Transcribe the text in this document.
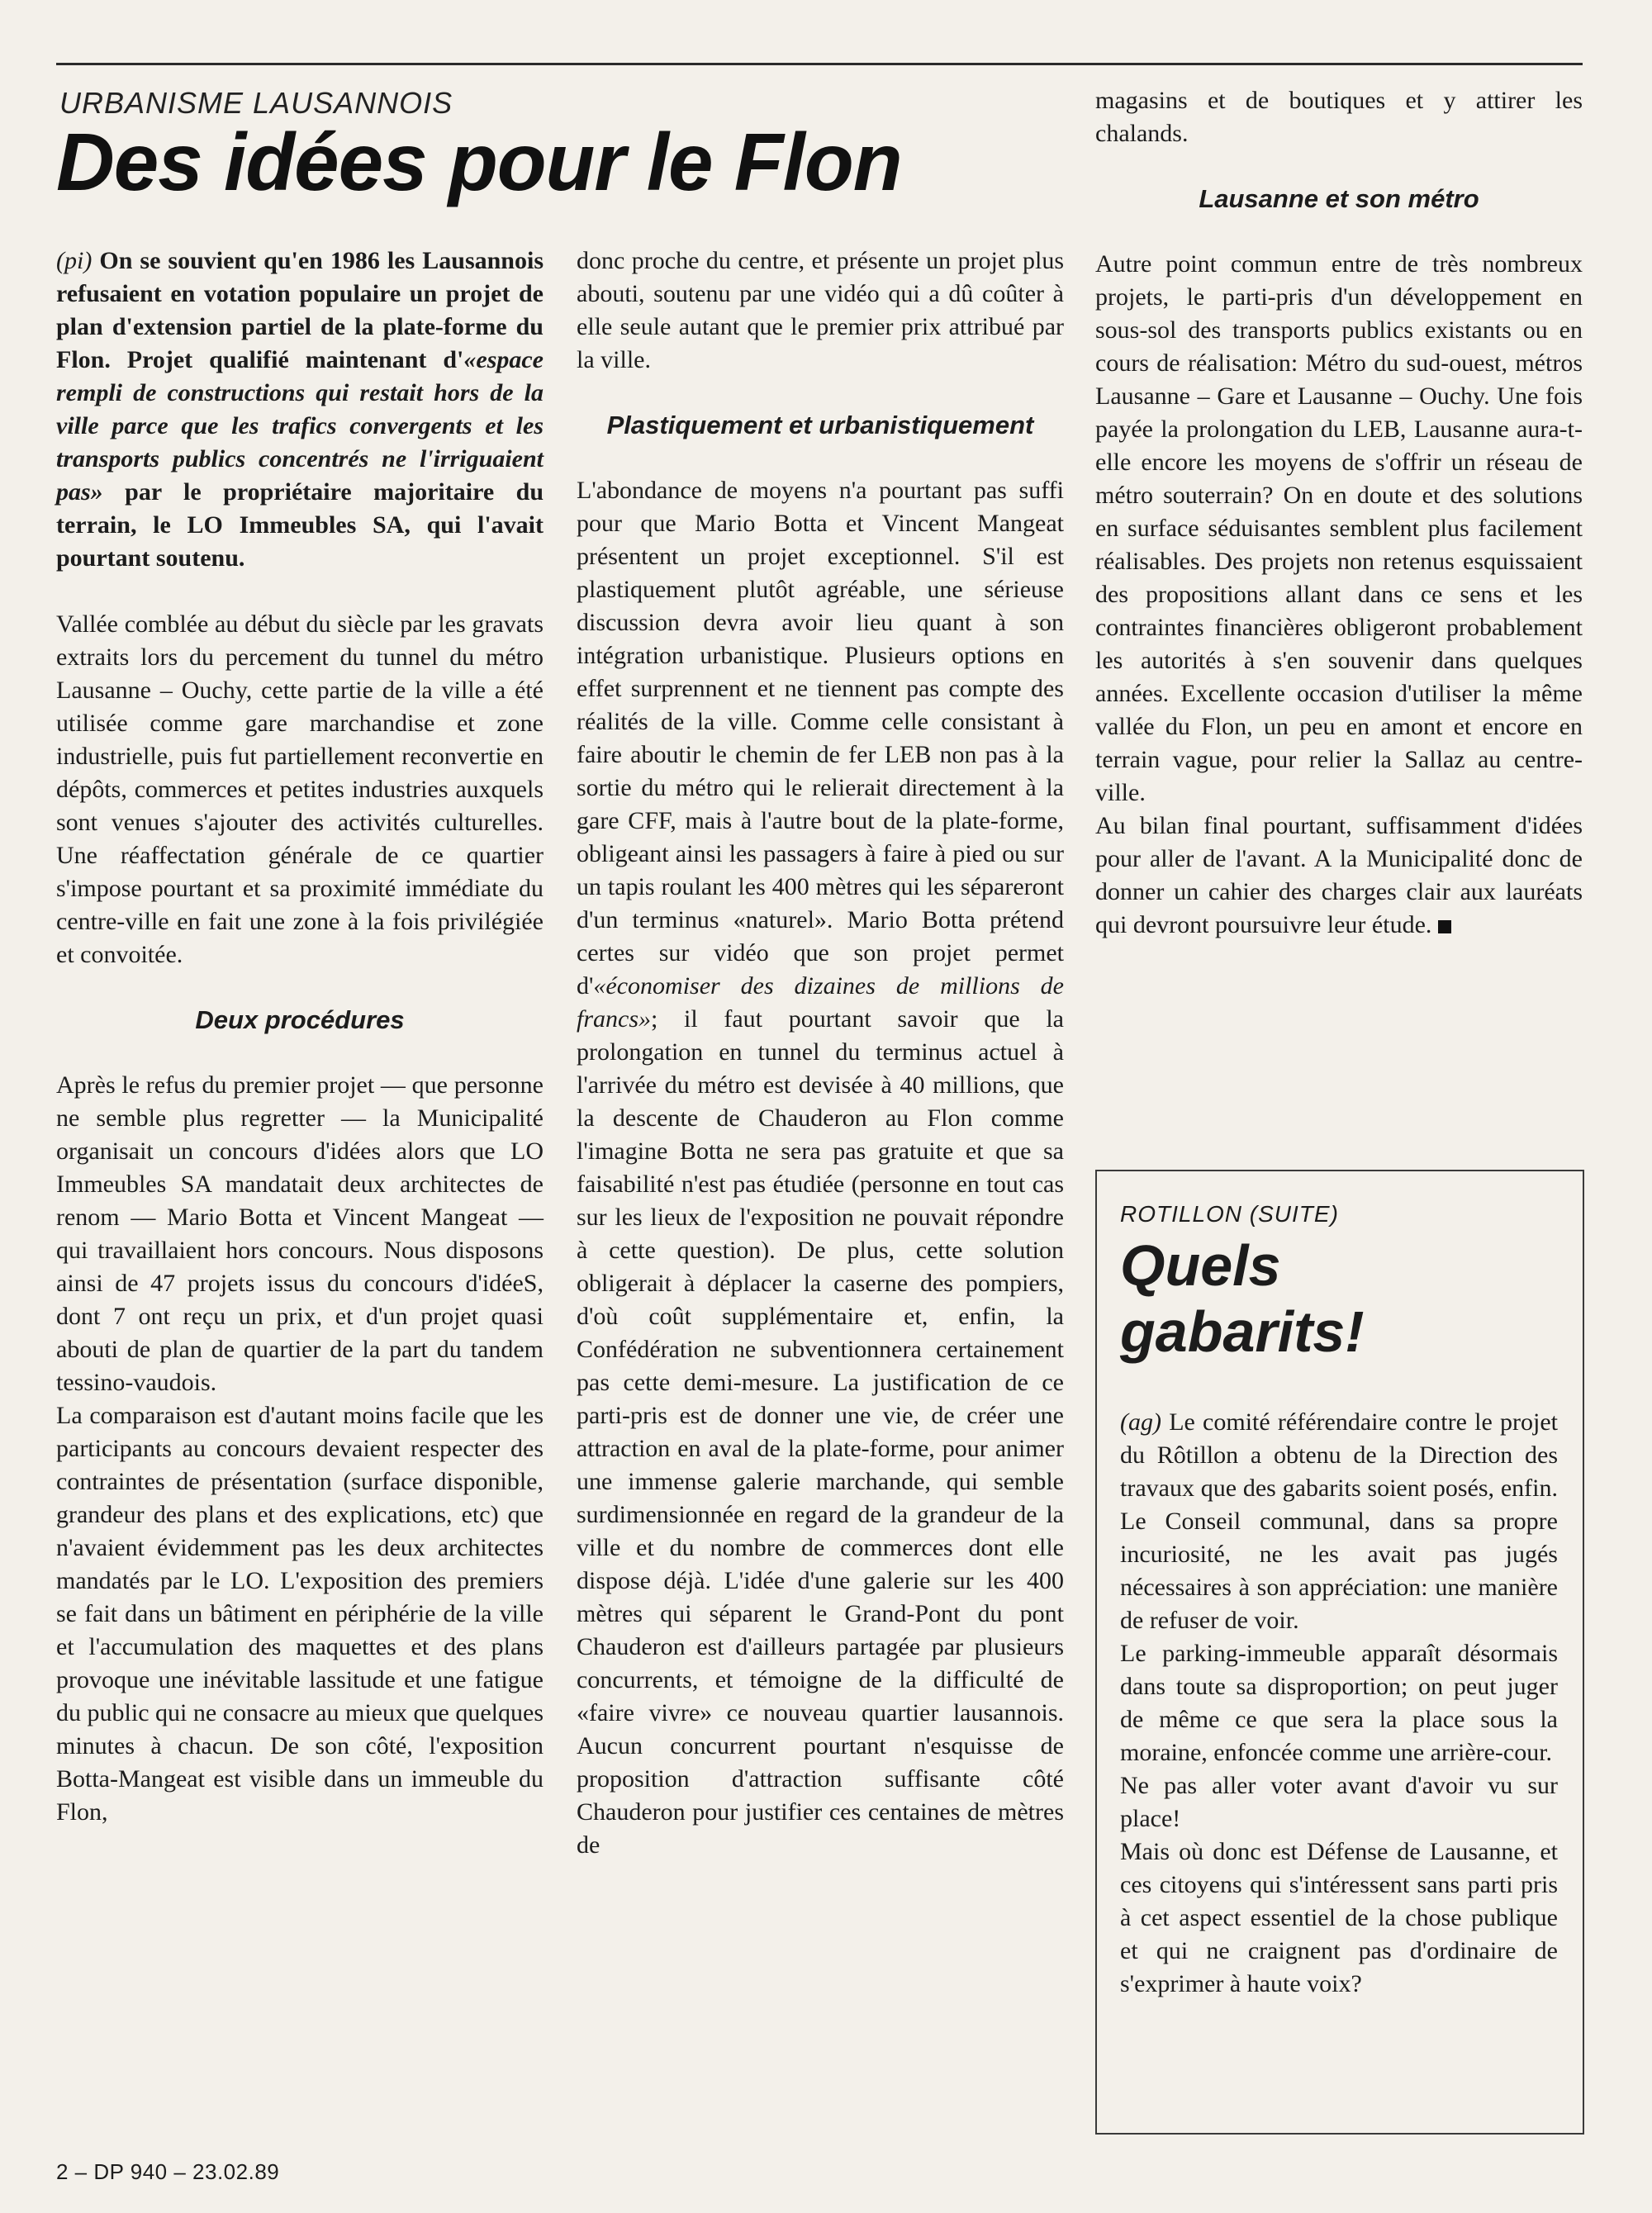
URBANISME LAUSANNOIS
Des idées pour le Flon

(pi) On se souvient qu'en 1986 les Lausannois refusaient en votation populaire un projet de plan d'extension partiel de la plate-forme du Flon. Projet qualifié maintenant d'«espace rempli de constructions qui restait hors de la ville parce que les trafics convergents et les transports publics concentrés ne l'irriguaient pas» par le propriétaire majoritaire du terrain, le LO Immeubles SA, qui l'avait pourtant soutenu.

Vallée comblée au début du siècle par les gravats extraits lors du percement du tunnel du métro Lausanne – Ouchy, cette partie de la ville a été utilisée comme gare marchandise et zone industrielle, puis fut partiellement reconvertie en dépôts, commerces et petites industries auxquels sont venues s'ajouter des activités culturelles. Une réaffectation générale de ce quartier s'impose pourtant et sa proximité immédiate du centre-ville en fait une zone à la fois privilégiée et convoitée.

Deux procédures

Après le refus du premier projet — que personne ne semble plus regretter — la Municipalité organisait un concours d'idées alors que LO Immeubles SA mandatait deux architectes de renom — Mario Botta et Vincent Mangeat — qui travaillaient hors concours. Nous disposons ainsi de 47 projets issus du concours d'idéeS, dont 7 ont reçu un prix, et d'un projet quasi abouti de plan de quartier de la part du tandem tessino-vaudois.

La comparaison est d'autant moins facile que les participants au concours devaient respecter des contraintes de présentation (surface disponible, grandeur des plans et des explications, etc) que n'avaient évidemment pas les deux architectes mandatés par le LO. L'exposition des premiers se fait dans un bâtiment en périphérie de la ville et l'accumulation des maquettes et des plans provoque une inévitable lassitude et une fatigue du public qui ne consacre au mieux que quelques minutes à chacun. De son côté, l'exposition Botta-Mangeat est visible dans un immeuble du Flon,

donc proche du centre, et présente un projet plus abouti, soutenu par une vidéo qui a dû coûter à elle seule autant que le premier prix attribué par la ville.

Plastiquement et urbanistiquement

L'abondance de moyens n'a pourtant pas suffi pour que Mario Botta et Vincent Mangeat présentent un projet exceptionnel. S'il est plastiquement plutôt agréable, une sérieuse discussion devra avoir lieu quant à son intégration urbanistique. Plusieurs options en effet surprennent et ne tiennent pas compte des réalités de la ville. Comme celle consistant à faire aboutir le chemin de fer LEB non pas à la sortie du métro qui le relierait directement à la gare CFF, mais à l'autre bout de la plate-forme, obligeant ainsi les passagers à faire à pied ou sur un tapis roulant les 400 mètres qui les sépareront d'un terminus «naturel». Mario Botta prétend certes sur vidéo que son projet permet d'«économiser des dizaines de millions de francs»; il faut pourtant savoir que la prolongation en tunnel du terminus actuel à l'arrivée du métro est devisée à 40 millions, que la descente de Chauderon au Flon comme l'imagine Botta ne sera pas gratuite et que sa faisabilité n'est pas étudiée (personne en tout cas sur les lieux de l'exposition ne pouvait répondre à cette question). De plus, cette solution obligerait à déplacer la caserne des pompiers, d'où coût supplémentaire et, enfin, la Confédération ne subventionnera certainement pas cette demi-mesure. La justification de ce parti-pris est de donner une vie, de créer une attraction en aval de la plate-forme, pour animer une immense galerie marchande, qui semble surdimensionnée en regard de la grandeur de la ville et du nombre de commerces dont elle dispose déjà. L'idée d'une galerie sur les 400 mètres qui séparent le Grand-Pont du pont Chauderon est d'ailleurs partagée par plusieurs concurrents, et témoigne de la difficulté de «faire vivre» ce nouveau quartier lausannois. Aucun concurrent pourtant n'esquisse de proposition d'attraction suffisante côté Chauderon pour justifier ces centaines de mètres de

magasins et de boutiques et y attirer les chalands.

Lausanne et son métro

Autre point commun entre de très nombreux projets, le parti-pris d'un développement en sous-sol des transports publics existants ou en cours de réalisation: Métro du sud-ouest, métros Lausanne – Gare et Lausanne – Ouchy. Une fois payée la prolongation du LEB, Lausanne aura-t-elle encore les moyens de s'offrir un réseau de métro souterrain? On en doute et des solutions en surface séduisantes semblent plus facilement réalisables. Des projets non retenus esquissaient des propositions allant dans ce sens et les contraintes financières obligeront probablement les autorités à s'en souvenir dans quelques années. Excellente occasion d'utiliser la même vallée du Flon, un peu en amont et encore en terrain vague, pour relier la Sallaz au centre-ville.

Au bilan final pourtant, suffisamment d'idées pour aller de l'avant. A la Municipalité donc de donner un cahier des charges clair aux lauréats qui devront poursuivre leur étude.

ROTILLON (SUITE)
Quels gabarits!

(ag) Le comité référendaire contre le projet du Rôtillon a obtenu de la Direction des travaux que des gabarits soient posés, enfin. Le Conseil communal, dans sa propre incuriosité, ne les avait pas jugés nécessaires à son appréciation: une manière de refuser de voir.

Le parking-immeuble apparaît désormais dans toute sa disproportion; on peut juger de même ce que sera la place sous la moraine, enfoncée comme une arrière-cour.

Ne pas aller voter avant d'avoir vu sur place!

Mais où donc est Défense de Lausanne, et ces citoyens qui s'intéressent sans parti pris à cet aspect essentiel de la chose publique et qui ne craignent pas d'ordinaire de s'exprimer à haute voix?

2 – DP 940 – 23.02.89
